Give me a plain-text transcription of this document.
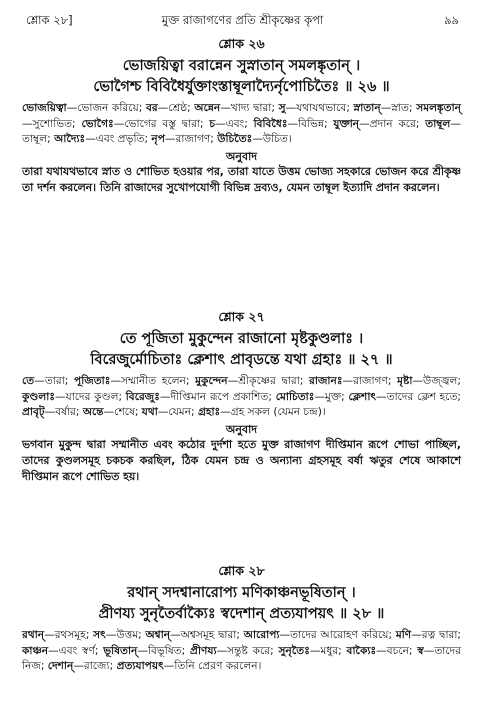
শ্লোক ২৮]	মুক্ত রাজাগণের প্রতি শ্রীকৃষ্ণের কৃপা	৯৯
শ্লোক ২৬
ভোজয়িত্বা বরান্নেন সুস্নাতান্ সমলঙ্কৃতান্ ।
ভোগৈশ্চ বিবিধৈর্যুক্তাংস্তাম্বূলাদ্যৈর্নৃপোচিতৈঃ ॥ ২৬ ॥
ভোজয়িত্বা—ভোজন করিয়ে; বর—শ্রেষ্ঠ; অন্নেন—খাদ্য দ্বারা; সু—যথাযথভাবে; স্নাতান্—স্নাত; সমলঙ্কৃতান্—সুশোভিত; ভোগৈঃ—ভোগের বস্তু দ্বারা; চ—এবং; বিবিধৈঃ—বিভিন্ন; যুক্তান্—প্রদান করে; তাম্বূল—তাম্বূল; আদ্যৈঃ—এবং প্রভৃতি; নৃপ—রাজাগণ; উচিতৈঃ—উচিত।
অনুবাদ
তারা যথাযথভাবে স্নাত ও শোভিত হওয়ার পর, তারা যাতে উত্তম ভোজ্য সহকারে ভোজন করে শ্রীকৃষ্ণ তা দর্শন করলেন। তিনি রাজাদের সুখোপযোগী বিভিন্ন দ্রব্যও, যেমন তাম্বূল ইত্যাদি প্রদান করলেন।
শ্লোক ২৭
তে পূজিতা মুকুন্দেন রাজানো মৃষ্টকুণ্ডলাঃ ।
বিরেজুর্মোচিতাঃ ক্লেশাৎ প্রাবৃডন্তে যথা গ্রহাঃ ॥ ২৭ ॥
তে—তারা; পূজিতাঃ—সম্মানীত হলেন; মুকুন্দেন—শ্রীকৃষ্ণের দ্বারা; রাজানঃ—রাজাগণ; মৃষ্টা—উজ্জ্বল; কুণ্ডলাঃ—যাদের কুণ্ডল; বিরেজুঃ—দীপ্তিমান রূপে প্রকাশিত; মোচিতাঃ—মুক্ত; ক্লেশাৎ—তাদের ক্লেশ হতে; প্রাবৃট্—বর্ষার; অন্তে—শেষে; যথা—যেমন; গ্রহাঃ—গ্রহ সকল (যেমন চন্দ্র)।
অনুবাদ
ভগবান মুকুন্দ দ্বারা সম্মানীত এবং কঠোর দুর্দশা হতে মুক্ত রাজাগণ দীপ্তিমান রূপে শোভা পাচ্ছিল, তাদের কুণ্ডলসমূহ চকচক করছিল, ঠিক যেমন চন্দ্র ও অন্যান্য গ্রহসমূহ বর্ষা ঋতুর শেষে আকাশে দীপ্তিমান রূপে শোভিত হয়।
শ্লোক ২৮
রথান্ সদশ্বানারোপ্য মণিকাঞ্চনভূষিতান্ ।
প্রীণয্য সুনৃতৈর্বাক্যৈঃ স্বদেশান্ প্রত্যযাপয়ৎ ॥ ২৮ ॥
রথান্—রথসমূহ; সৎ—উত্তম; অশ্বান্—অশ্বসমূহ দ্বারা; আরোপ্য—তাদের আরোহণ করিয়ে; মণি—রত্ন দ্বারা; কাঞ্চন—এবং স্বর্ণ; ভূষিতান্—বিভূষিত; প্রীণয্য—সন্তুষ্ট করে; সুনৃতৈঃ—মধুর; বাক্যৈঃ—বচনে; স্ব—তাদের নিজ; দেশান্—রাজ্যে; প্রত্যযাপয়ৎ—তিনি প্রেরণ করলেন।
